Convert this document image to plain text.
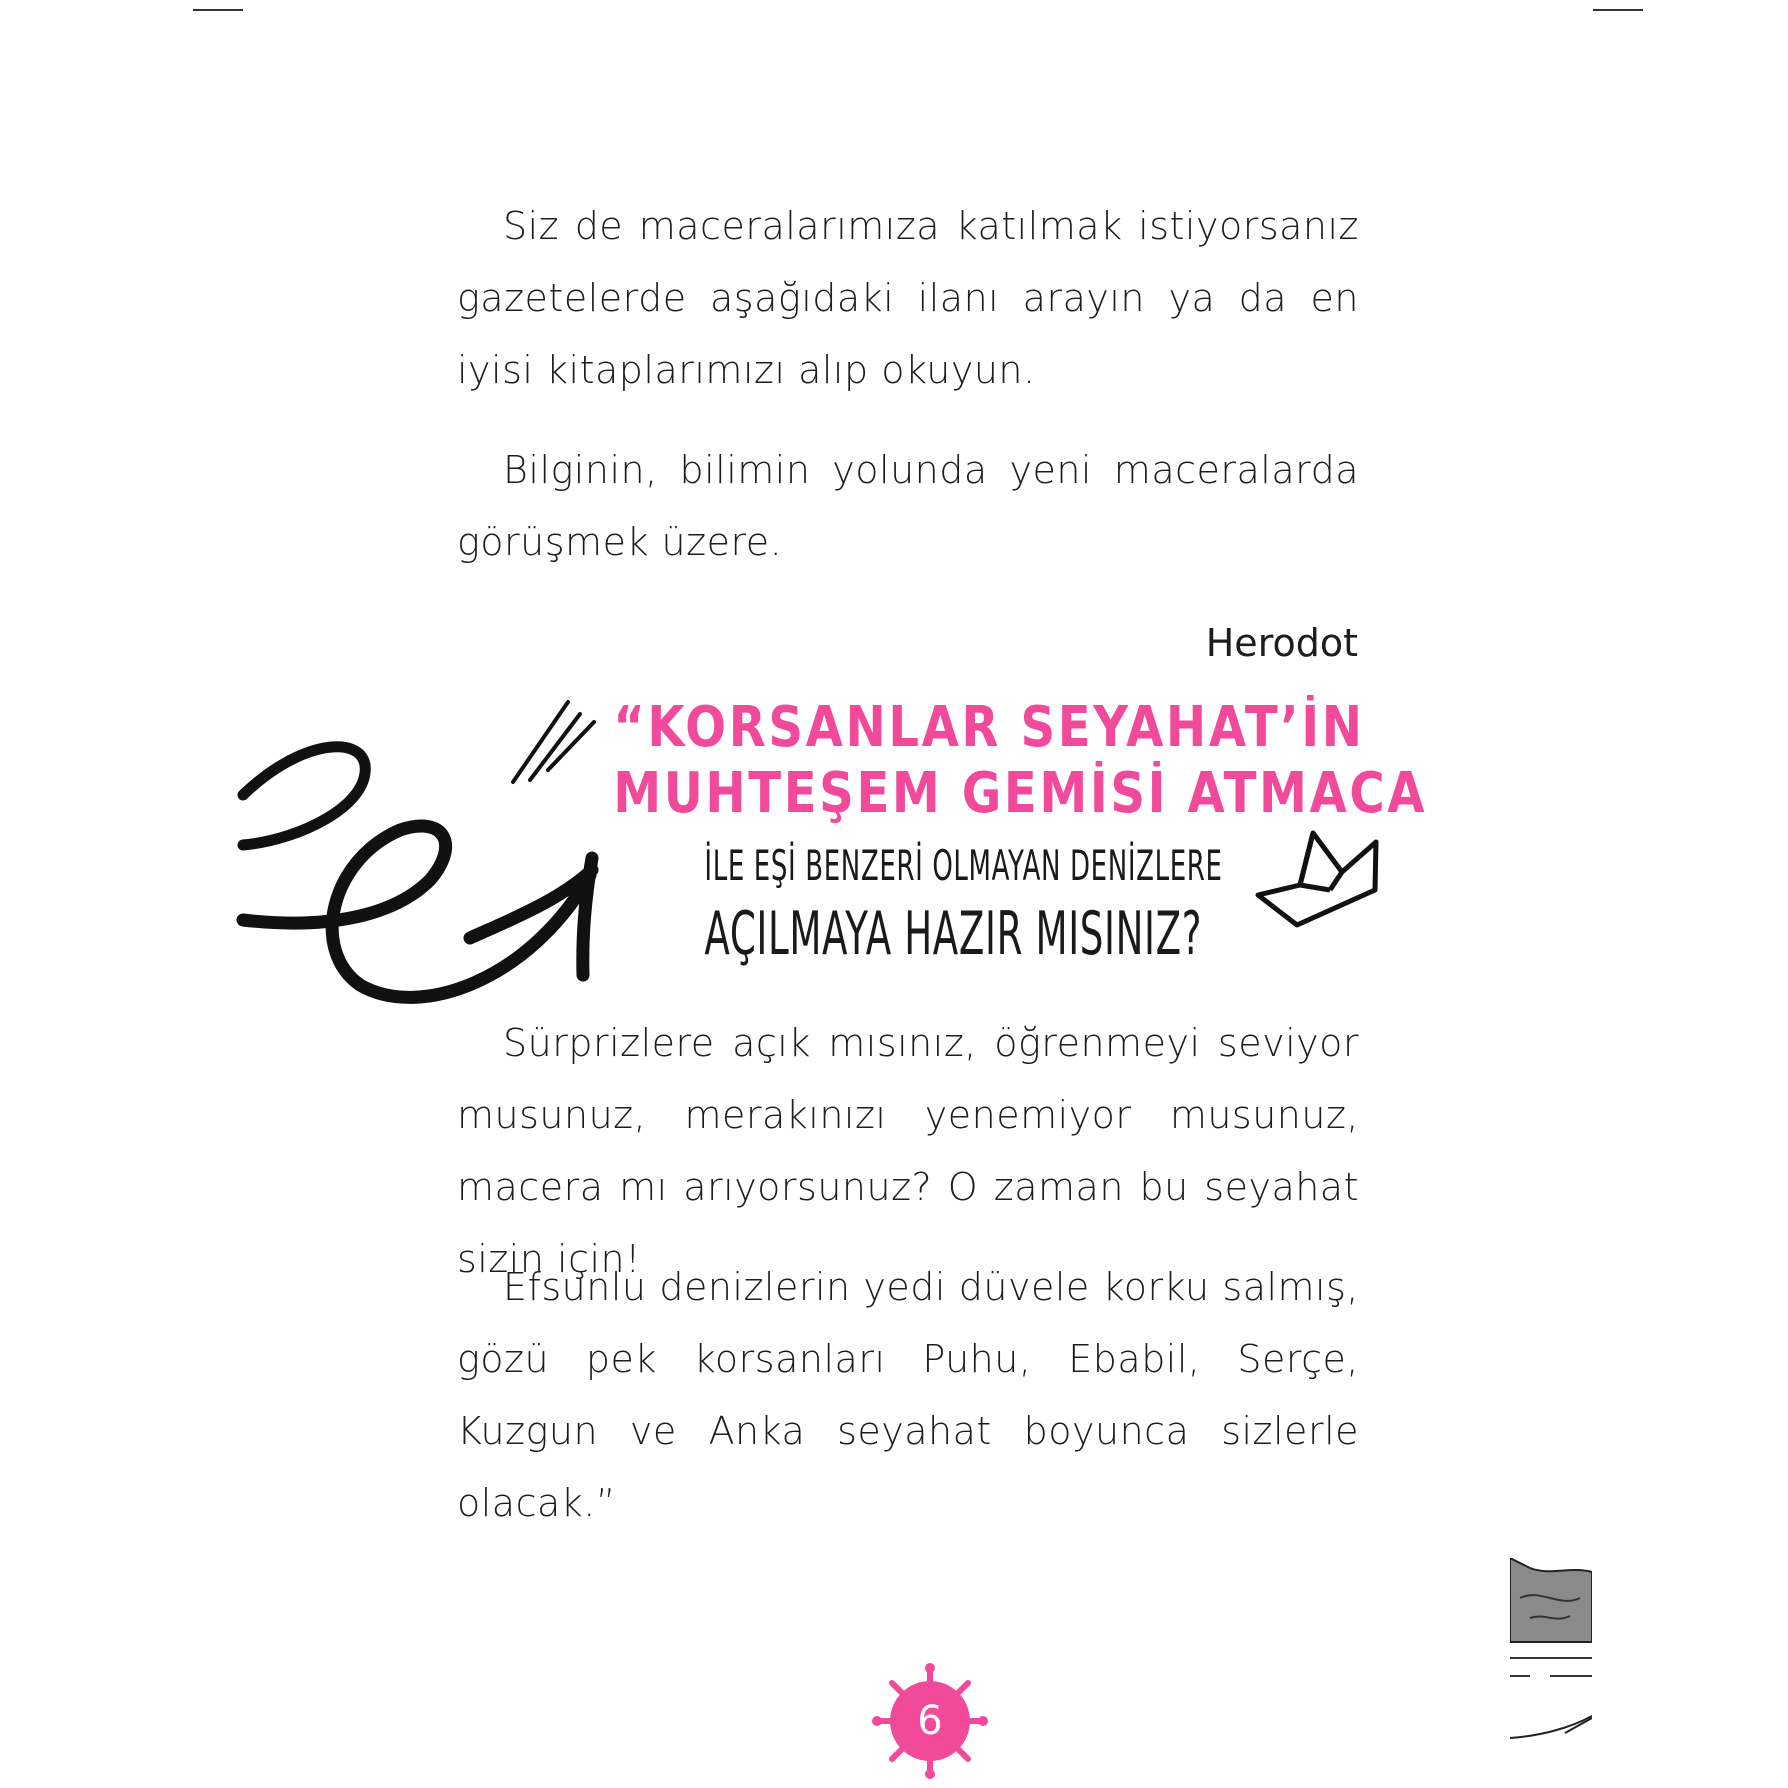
Siz de maceralarımıza katılmak istiyorsanız gazetelerde aşağıdaki ilanı arayın ya da en iyisi kitaplarımızı alıp okuyun.

Bilginin, bilimin yolunda yeni maceralarda görüşmek üzere.

Herodot
“KORSANLAR SEYAHAT’İN
MUHTEŞEM GEMİSİ ATMACA
İLE EŞİ BENZERİ OLMAYAN DENİZLERE
AÇILMAYA HAZIR MISINIZ?

Sürprizlere açık mısınız, öğrenmeyi seviyor musunuz, merakınızı yenemiyor musunuz, macera mı arıyorsunuz? O zaman bu seyahat sizin için!

Efsunlu denizlerin yedi düvele korku salmış, gözü pek korsanları Puhu, Ebabil, Serçe, Kuzgun ve Anka seyahat boyunca sizlerle olacak.”

6
